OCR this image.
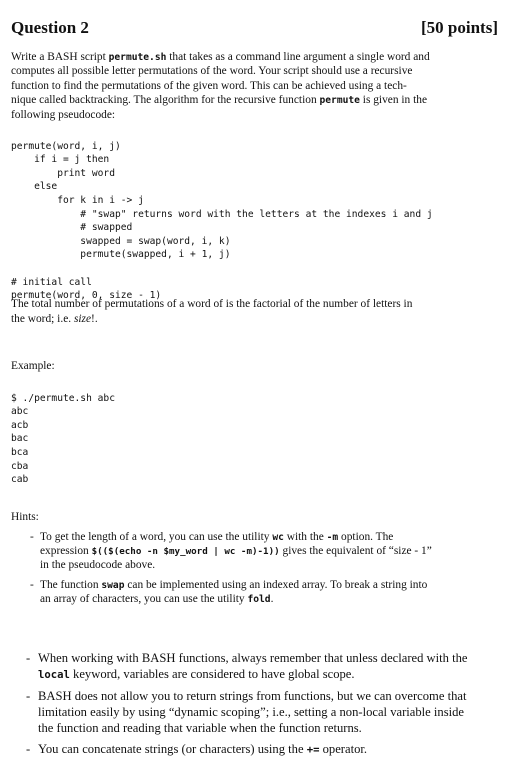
Question 2	[50 points]
Write a BASH script permute.sh that takes as a command line argument a single word and
computes all possible letter permutations of the word. Your script should use a recursive
function to find the permutations of the given word. This can be achieved using a tech-
nique called backtracking. The algorithm for the recursive function permute is given in the
following pseudocode:

permute(word, i, j)
if i = j then
print word
else
for k in i -> j
# "swap" returns word with the letters at the indexes i and j
# swapped
swapped = swap(word, i, k)
permute(swapped, i + 1, j)

# initial call
permute(word, 0, size - 1)

The total number of permutations of a word of is the factorial of the number of letters in
the word; i.e. size!.
Example:

$ ./permute.sh abc
abc
acb
bac
bca
cba
cab

Hints:
- To get the length of a word, you can use the utility wc with the -m option. The
expression $(($(echo -n $my_word | wc -m)-1)) gives the equivalent of “size - 1”
in the pseudocode above.
- The function swap can be implemented using an indexed array. To break a string into
an array of characters, you can use the utility fold.
- When working with BASH functions, always remember that unless declared with the
local keyword, variables are considered to have global scope.
- BASH does not allow you to return strings from functions, but we can overcome that
limitation easily by using “dynamic scoping”; i.e., setting a non-local variable inside
the function and reading that variable when the function returns.
- You can concatenate strings (or characters) using the += operator.
